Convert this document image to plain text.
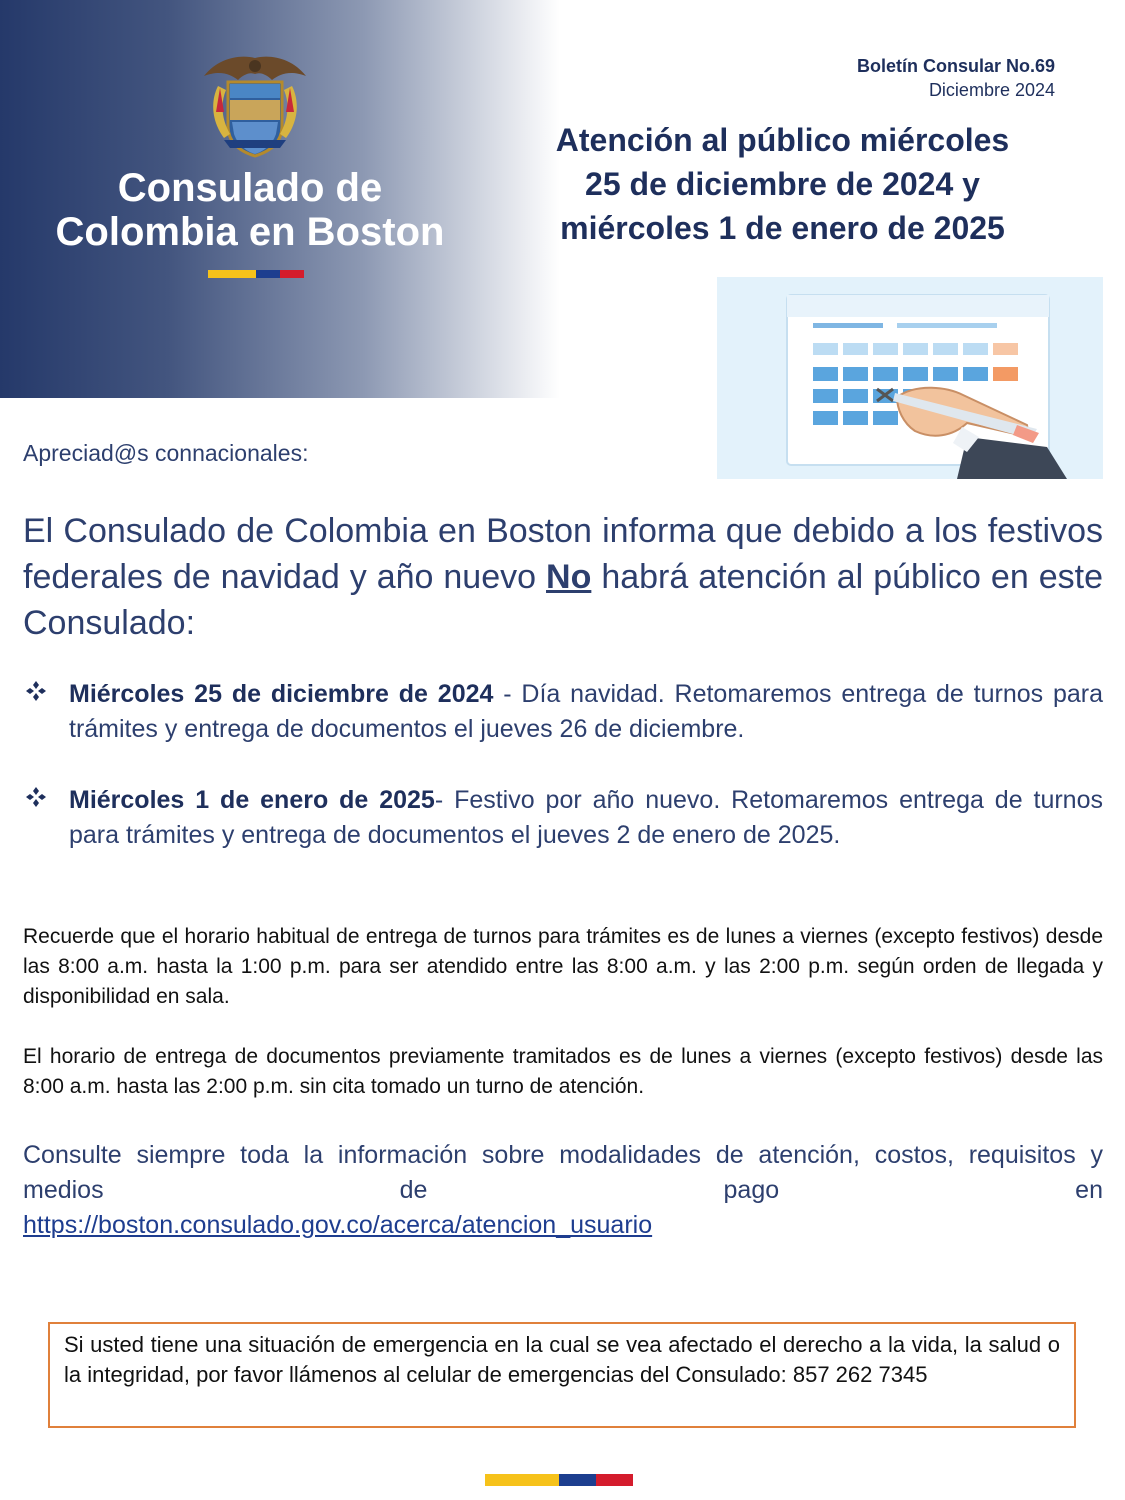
Consulado de
Colombia en Boston
Boletín Consular No.69
Diciembre 2024
Atención al público miércoles
25 de diciembre de 2024 y
miércoles 1 de enero de 2025
Apreciad@s connacionales:
El Consulado de Colombia en Boston informa que debido a los festivos federales de navidad y año nuevo No habrá atención al público en este Consulado:
Miércoles 25 de diciembre de 2024 - Día navidad. Retomaremos entrega de turnos para trámites y entrega de documentos el jueves 26 de diciembre.
Miércoles 1 de enero de 2025- Festivo por año nuevo. Retomaremos entrega de turnos para trámites y entrega de documentos el jueves 2 de enero de 2025.
Recuerde que el horario habitual de entrega de turnos para trámites es de lunes a viernes (excepto festivos) desde las 8:00 a.m. hasta la 1:00 p.m. para ser atendido entre las 8:00 a.m. y las 2:00 p.m. según orden de llegada y disponibilidad en sala.
El horario de entrega de documentos previamente tramitados es de lunes a viernes (excepto festivos) desde las 8:00 a.m. hasta las 2:00 p.m. sin cita tomado un turno de atención.
Consulte siempre toda la información sobre modalidades de atención, costos, requisitos y medios de pago en
https://boston.consulado.gov.co/acerca/atencion_usuario
Si usted tiene una situación de emergencia en la cual se vea afectado el derecho a la vida, la salud o la integridad, por favor llámenos al celular de emergencias del Consulado: 857 262 7345
